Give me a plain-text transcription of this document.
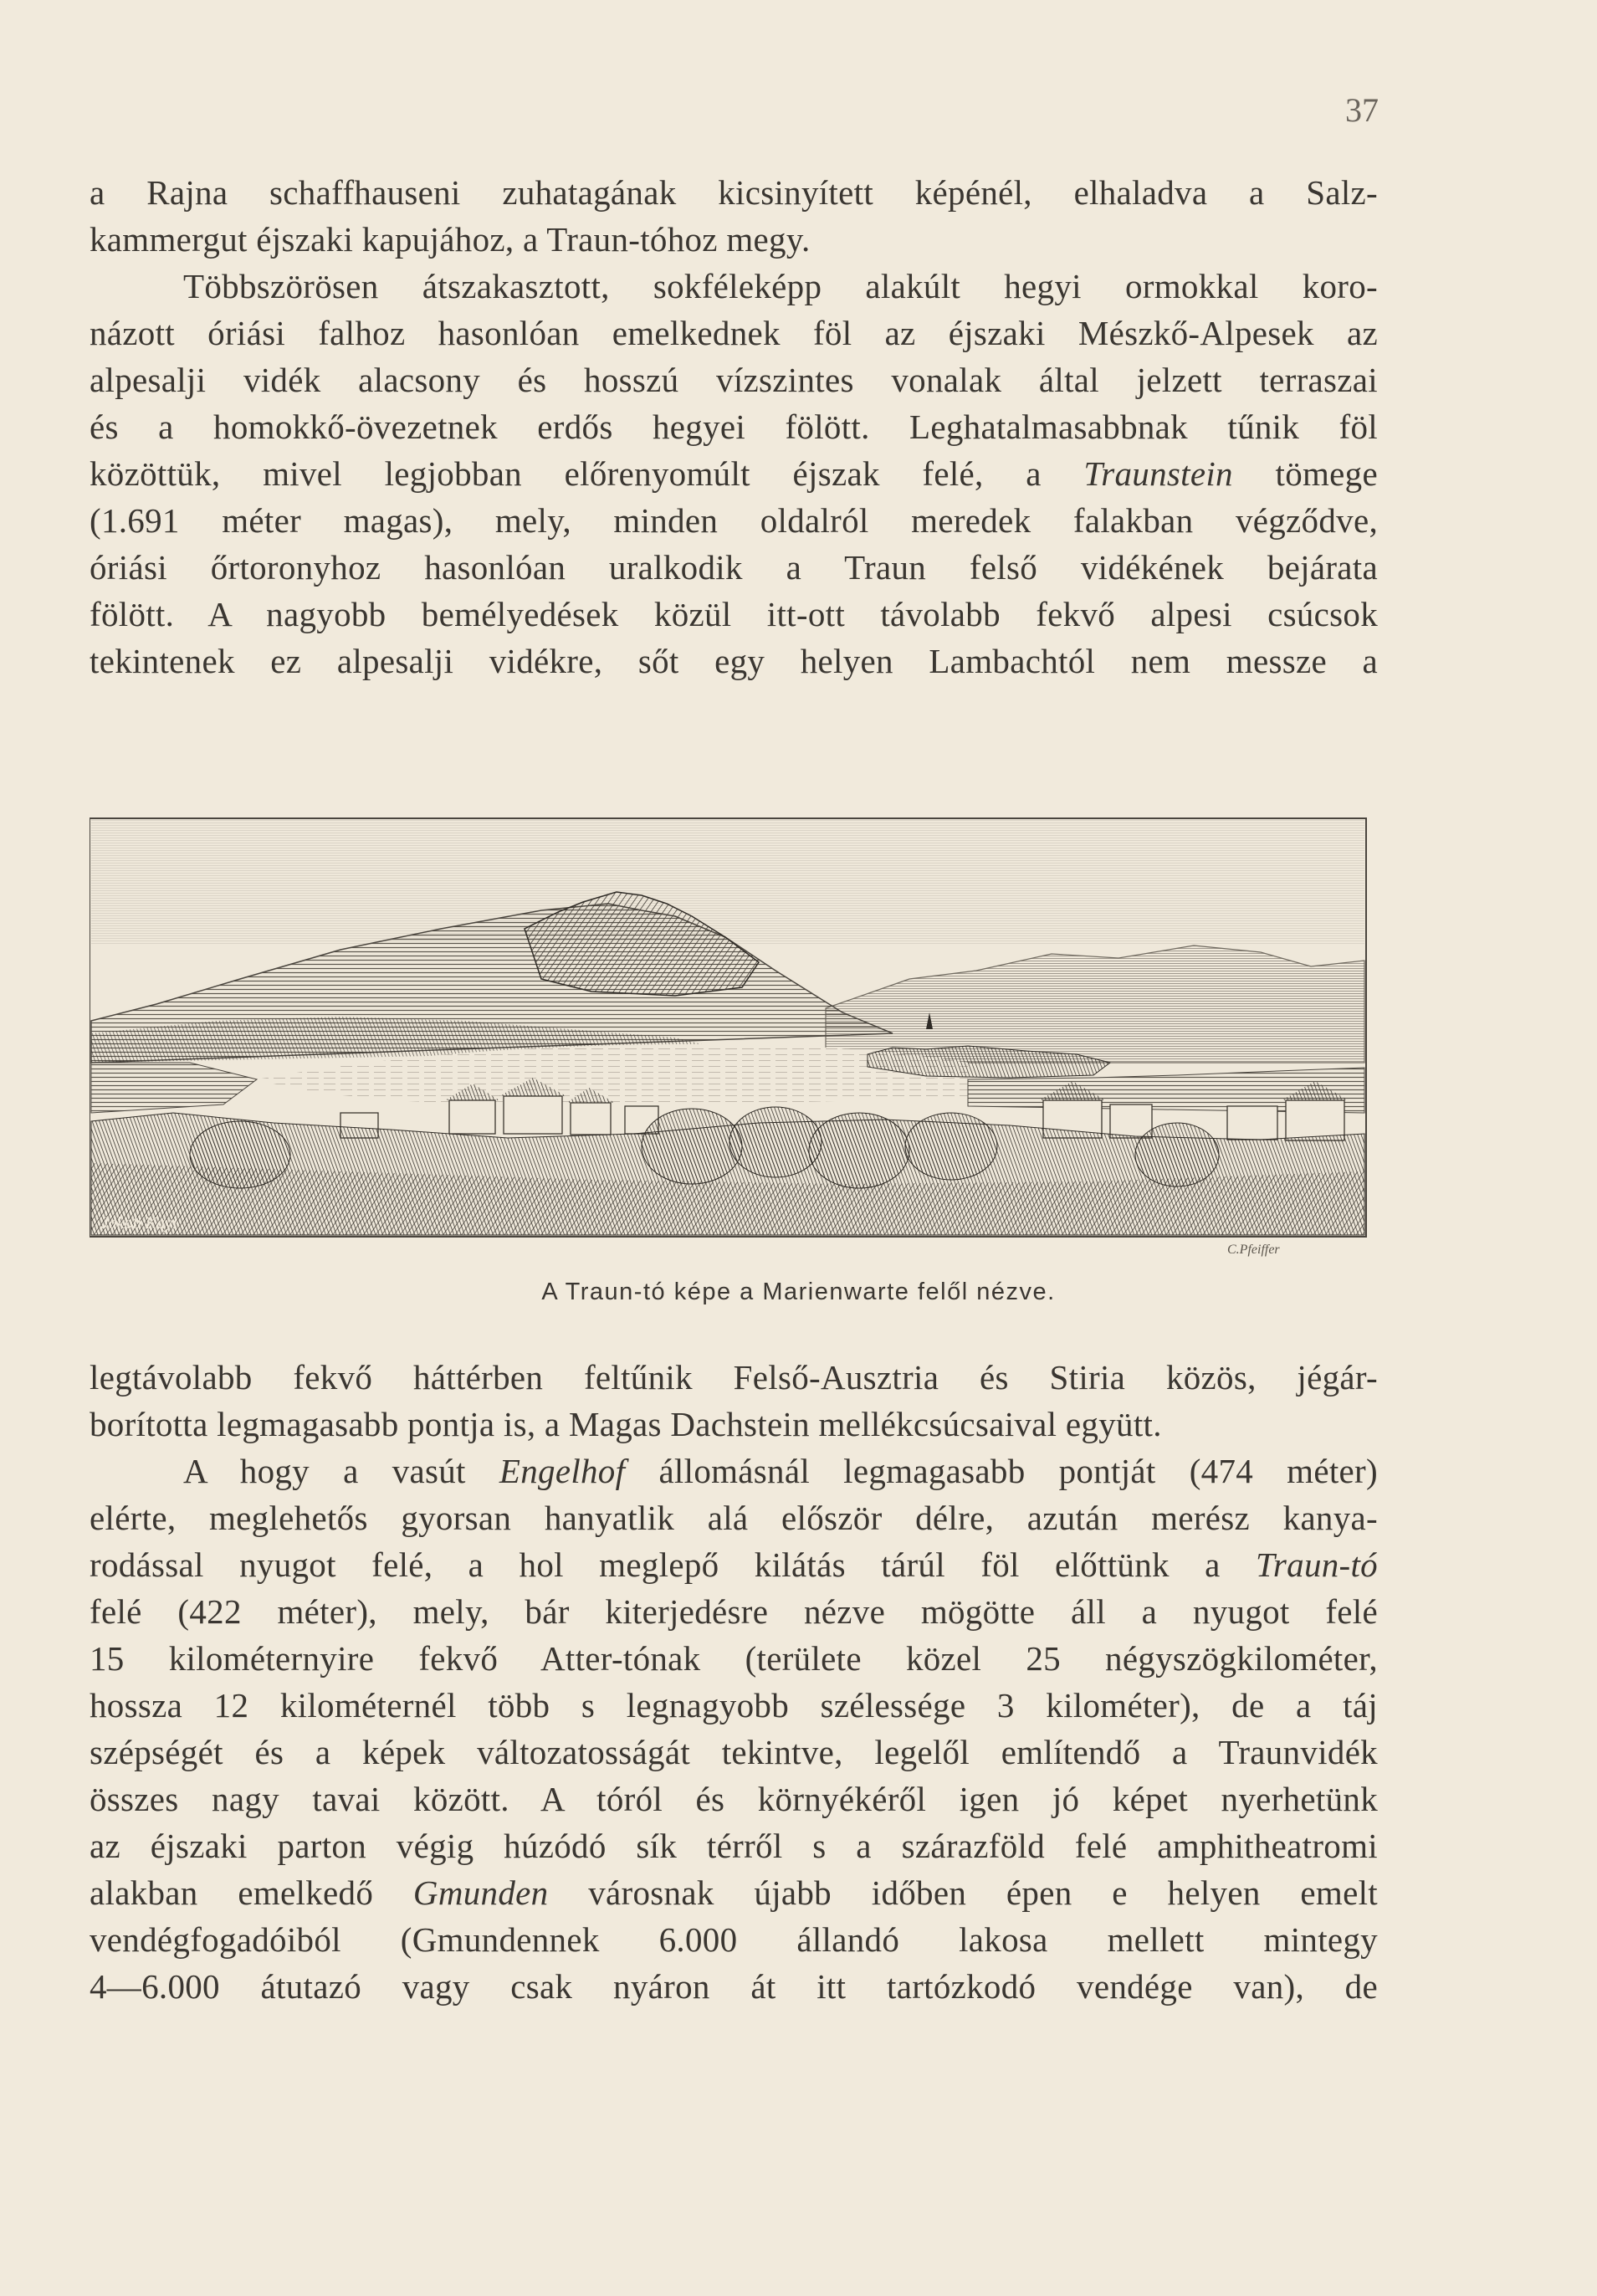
37
a Rajna schaffhauseni zuhatagának kicsinyített képénél, elhaladva a Salz-
kammergut éjszaki kapujához, a Traun-tóhoz megy.
Többszörösen átszakasztott, sokféleképp alakúlt hegyi ormokkal koro-
názott óriási falhoz hasonlóan emelkednek föl az éjszaki Mészkő-Alpesek az
alpesalji vidék alacsony és hosszú vízszintes vonalak által jelzett terraszai
és a homokkő-övezetnek erdős hegyei fölött. Leghatalmasabbnak tűnik föl
közöttük, mivel legjobban előrenyomúlt éjszak felé, a Traunstein tömege
(1.691 méter magas), mely, minden oldalról meredek falakban végződve,
óriási őrtoronyhoz hasonlóan uralkodik a Traun felső vidékének bejárata
fölött. A nagyobb bemélyedések közül itt-ott távolabb fekvő alpesi csúcsok
tekintenek ez alpesalji vidékre, sőt egy helyen Lambachtól nem messze a
Jakob Kayl
C.Pfeiffer
A Traun-tó képe a Marienwarte felől nézve.
legtávolabb fekvő háttérben feltűnik Felső-Ausztria és Stiria közös, jégár-
borította legmagasabb pontja is, a Magas Dachstein mellékcsúcsaival együtt.
A hogy a vasút Engelhof állomásnál legmagasabb pontját (474 méter)
elérte, meglehetős gyorsan hanyatlik alá először délre, azután merész kanya-
rodással nyugot felé, a hol meglepő kilátás tárúl föl előttünk a Traun-tó
felé (422 méter), mely, bár kiterjedésre nézve mögötte áll a nyugot felé
15 kilométernyire fekvő Atter-tónak (területe közel 25 négyszögkilométer,
hossza 12 kilométernél több s legnagyobb szélessége 3 kilométer), de a táj
szépségét és a képek változatosságát tekintve, legelől említendő a Traunvidék
összes nagy tavai között. A tóról és környékéről igen jó képet nyerhetünk
az éjszaki parton végig húzódó sík térről s a szárazföld felé amphitheatromi
alakban emelkedő Gmunden városnak újabb időben épen e helyen emelt
vendégfogadóiból (Gmundennek 6.000 állandó lakosa mellett mintegy
4—6.000 átutazó vagy csak nyáron át itt tartózkodó vendége van), de
